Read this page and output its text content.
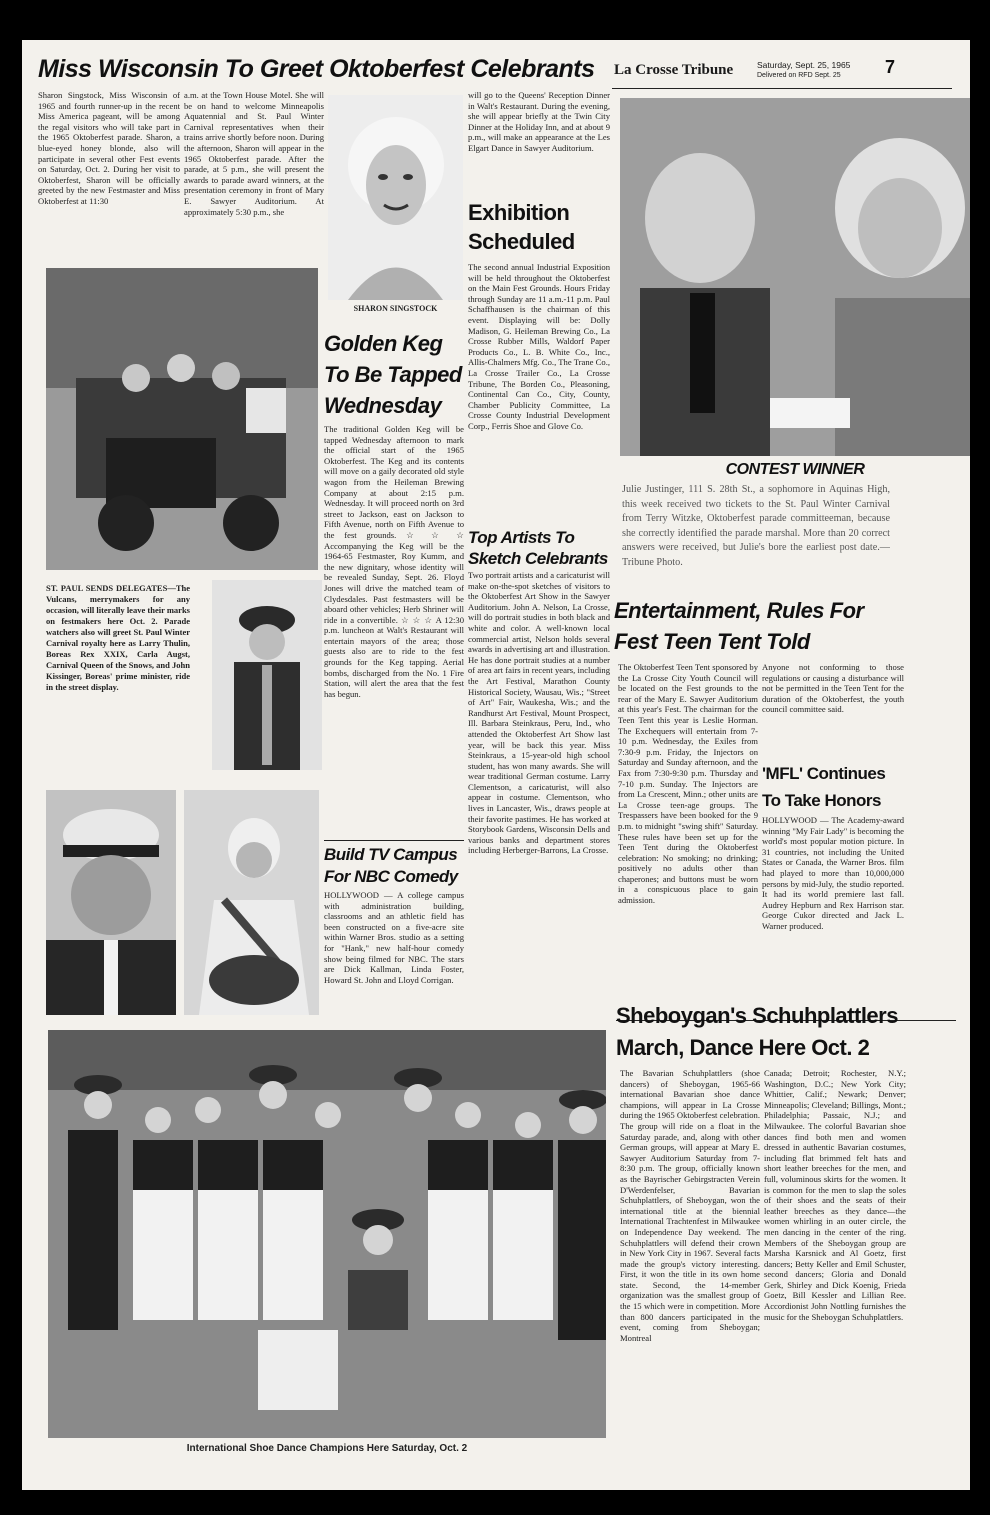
Miss Wisconsin To Greet Oktoberfest Celebrants La Crosse Tribune	Saturday, Sept. 25, 1965
Delivered on RFD Sept. 25	7
Sharon Singstock, Miss Wisconsin of 1965 and fourth runner-up in the recent Miss America pageant, will be among the regal visitors who will take part in the 1965 Oktoberfest parade. Sharon, a blue-eyed honey blonde, also will participate in several other Fest events on Saturday, Oct. 2. During her visit to Oktoberfest, Sharon will be officially greeted by the new Festmaster and Miss Oktoberfest at 11:30
a.m. at the Town House Motel. She will be on hand to welcome Minneapolis Aquatennial and St. Paul Winter Carnival representatives when their trains arrive shortly before noon. During the afternoon, Sharon will appear in the 1965 Oktoberfest parade. After the parade, at 5 p.m., she will present the awards to parade award winners, at the presentation ceremony in front of Mary E. Sawyer Auditorium. At approximately 5:30 p.m., she
ST. PAUL SENDS DELEGATES—The Vulcans, merrymakers for any occasion, will literally leave their marks on festmakers here Oct. 2. Parade watchers also will greet St. Paul Winter Carnival royalty here as Larry Thulin, Boreas Rex XXIX, Carla Augst, Carnival Queen of the Snows, and John Kissinger, Boreas' prime minister, ride in the street display.
SHARON SINGSTOCK
will go to the Queens' Reception Dinner in Walt's Restaurant. During the evening, she will appear briefly at the Twin City Dinner at the Holiday Inn, and at about 9 p.m., will make an appearance at the Les Elgart Dance in Sawyer Auditorium.
Exhibition Scheduled
The second annual Industrial Exposition will be held throughout the Oktoberfest on the Main Fest Grounds. Hours Friday through Sunday are 11 a.m.-11 p.m. Paul Schaffhausen is the chairman of this event. Displaying will be: Dolly Madison, G. Heileman Brewing Co., La Crosse Rubber Mills, Waldorf Paper Products Co., L. B. White Co., Inc., Allis-Chalmers Mfg. Co., The Trane Co., La Crosse Trailer Co., La Crosse Tribune, The Borden Co., Pleasoning, Continental Can Co., City, County, Chamber Publicity Committee, La Crosse County Industrial Development Corp., Ferris Shoe and Glove Co.
Golden Keg To Be Tapped Wednesday
The traditional Golden Keg will be tapped Wednesday afternoon to mark the official start of the 1965 Oktoberfest. The Keg and its contents will move on a gaily decorated old style wagon from the Heileman Brewing Company at about 2:15 p.m. Wednesday. It will proceed north on 3rd street to Jackson, east on Jackson to Fifth Avenue, north on Fifth Avenue to the fest grounds. ☆ ☆ ☆ Accompanying the Keg will be the 1964-65 Festmaster, Roy Kumm, and the new dignitary, whose identity will be revealed Sunday, Sept. 26. Floyd Jones will drive the matched team of Clydesdales. Past festmasters will be aboard other vehicles; Herb Shriner will ride in a convertible. ☆ ☆ ☆ A 12:30 p.m. luncheon at Walt's Restaurant will entertain mayors of the area; those guests also are to ride to the fest grounds for the Keg tapping. Aerial bombs, discharged from the No. 1 Fire Station, will alert the area that the fest has begun.
Top Artists To Sketch Celebrants
Two portrait artists and a caricaturist will make on-the-spot sketches of visitors to the Oktoberfest Art Show in the Sawyer Auditorium. John A. Nelson, La Crosse, will do portrait studies in both black and white and color. A well-known local commercial artist, Nelson holds several awards in advertising art and illustration. He has done portrait studies at a number of area art fairs in recent years, including the Art Festival, Marathon County Historical Society, Wausau, Wis.; "Street of Art" Fair, Waukesha, Wis.; and the Randhurst Art Festival, Mount Prospect, Ill. Barbara Steinkraus, Peru, Ind., who attended the Oktoberfest Art Show last year, will be back this year. Miss Steinkraus, a 15-year-old high school student, has won many awards. She will wear traditional German costume. Larry Clementson, a caricaturist, will also appear in costume. Clementson, who lives in Lancaster, Wis., draws people at their favorite pastimes. He has worked at Storybook Gardens, Wisconsin Dells and various banks and department stores including Herberger-Barrons, La Crosse.
Build TV Campus For NBC Comedy
HOLLYWOOD — A college campus with administration building, classrooms and an athletic field has been constructed on a five-acre site within Warner Bros. studio as a setting for "Hank," new half-hour comedy show being filmed for NBC. The stars are Dick Kallman, Linda Foster, Howard St. John and Lloyd Corrigan.
CONTEST WINNER
Julie Justinger, 111 S. 28th St., a sophomore in Aquinas High, this week received two tickets to the St. Paul Winter Carnival from Terry Witzke, Oktoberfest parade committeeman, because she correctly identified the parade marshal. More than 20 correct answers were received, but Julie's bore the earliest post date.—Tribune Photo.
Entertainment, Rules For Fest Teen Tent Told
The Oktoberfest Teen Tent sponsored by the La Crosse City Youth Council will be located on the Fest grounds to the rear of the Mary E. Sawyer Auditorium at this year's Fest. The chairman for the Teen Tent this year is Leslie Horman. The Exchequers will entertain from 7-10 p.m. Wednesday, the Exiles from 7:30-9 p.m. Friday, the Injectors on Saturday and Sunday afternoon, and the Fax from 7:30-9:30 p.m. Thursday and 7-10 p.m. Sunday. The Injectors are from La Crescent, Minn.; other units are La Crosse teen-age groups. The Trespassers have been booked for the 9 p.m. to midnight "swing shift" Saturday. These rules have been set up for the Teen Tent during the Oktoberfest celebration: No smoking; no drinking; positively no adults other than chaperones; and buttons must be worn in a conspicuous place to gain admission.
Anyone not conforming to those regulations or causing a disturbance will not be permitted in the Teen Tent for the duration of the Oktoberfest, the youth council committee said.
'MFL' Continues To Take Honors
HOLLYWOOD — The Academy-award winning "My Fair Lady" is becoming the world's most popular motion picture. In 31 countries, not including the United States or Canada, the Warner Bros. film had played to more than 10,000,000 persons by mid-July, the studio reported. It had its world premiere last fall. Audrey Hepburn and Rex Harrison star. George Cukor directed and Jack L. Warner produced.
Sheboygan's Schuhplattlers March, Dance Here Oct. 2
The Bavarian Schuhplattlers (shoe dancers) of Sheboygan, 1965-66 international Bavarian shoe dance champions, will appear in La Crosse during the 1965 Oktoberfest celebration. The group will ride on a float in the Saturday parade, and, along with other German groups, will appear at Mary E. Sawyer Auditorium Saturday from 7-8:30 p.m. The group, officially known as the Bayrischer Gebirgstracten Verein D'Werdenfelser, Bavarian Schuhplattlers, of Sheboygan, won the international title at the biennial International Trachtenfest in Milwaukee on Independence Day weekend. The Schuhplattlers will defend their crown in New York City in 1967. Several facts made the group's victory interesting. First, it won the title in its own home state. Second, the 14-member organization was the smallest group of the 15 which were in competition. More than 800 dancers participated in the event, coming from Sheboygan; Montreal
Canada; Detroit; Rochester, N.Y.; Washington, D.C.; New York City; Whittier, Calif.; Newark; Denver; Minneapolis; Cleveland; Billings, Mont.; Philadelphia; Passaic, N.J.; and Milwaukee. The colorful Bavarian shoe dances find both men and women dressed in authentic Bavarian costumes, including flat brimmed felt hats and short leather breeches for the men, and full, voluminous skirts for the women. It is common for the men to slap the soles of their shoes and the seats of their leather breeches as they dance—the women whirling in an outer circle, the men dancing in the center of the ring. Members of the Sheboygan group are Marsha Karsnick and Al Goetz, first dancers; Betty Keller and Emil Schuster, second dancers; Gloria and Donald Gerk, Shirley and Dick Koenig, Frieda Goetz, Bill Kessler and Lillian Ree. Accordionist John Nottling furnishes the music for the Sheboygan Schuhplattlers.
International Shoe Dance Champions Here Saturday, Oct. 2
